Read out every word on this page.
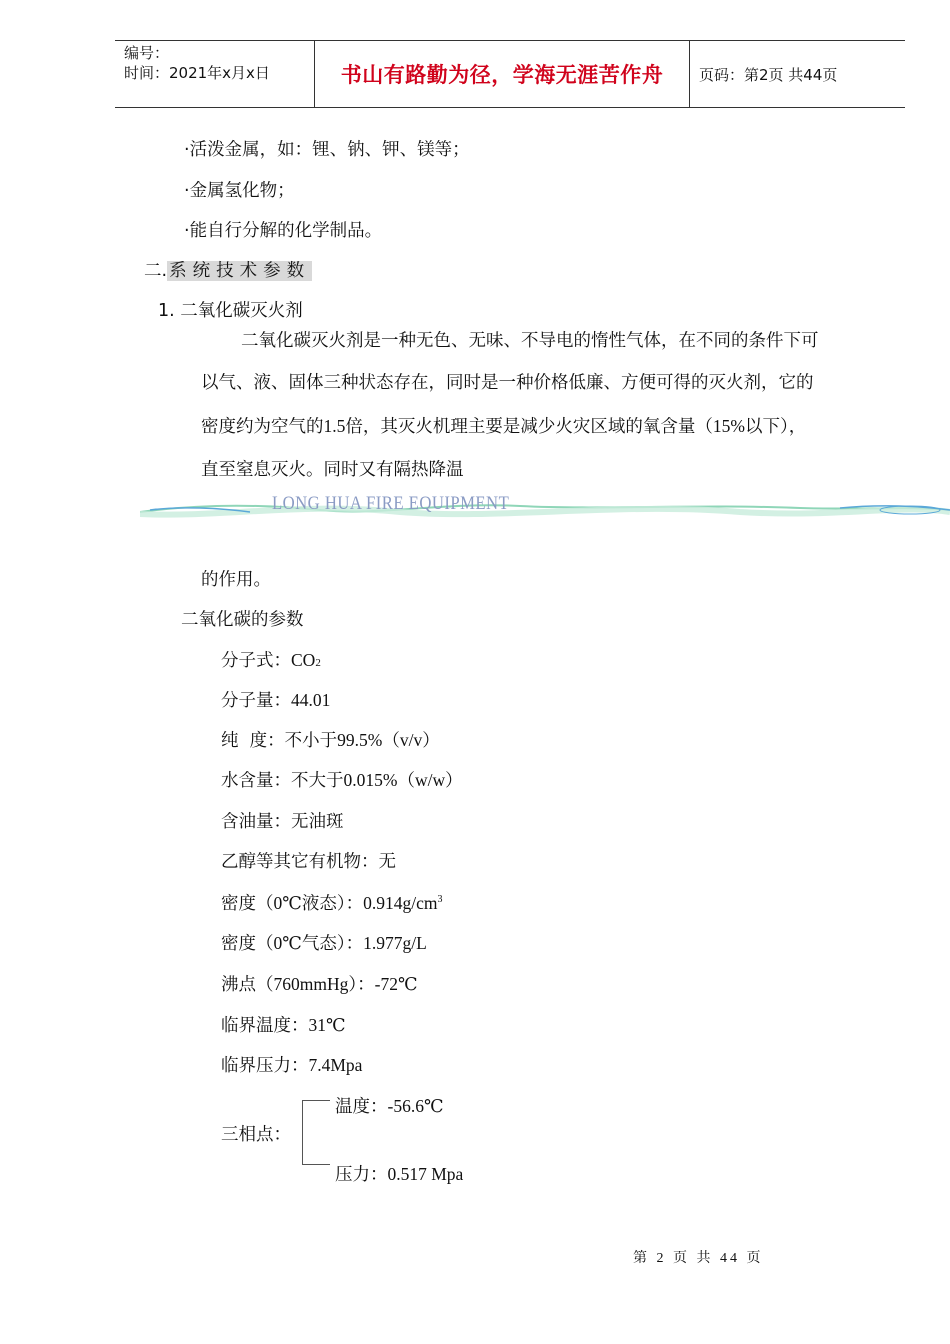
编号：
时间：2021年x月x日	书山有路勤为径，学海无涯苦作舟 页码：第2页 共44页
·活泼金属，如：锂、钠、钾、镁等；
·金属氢化物；
·能自行分解的化学制品。
二. 系统技术参数
1. 二氧化碳灭火剂
二氧化碳灭火剂是一种无色、无味、不导电的惰性气体，在不同的条件下可
以气、液、固体三种状态存在，同时是一种价格低廉、方便可得的灭火剂，它的
密度约为空气的1.5倍，其灭火机理主要是减少火灾区域的氧含量（15%以下），
直至窒息灭火。同时又有隔热降温
LONG HUA FIRE EQUIPMENT
的作用。
二氧化碳的参数
分子式：CO2
分子量：44.01
纯  度：不小于99.5%（v/v）
水含量：不大于0.015%（w/w）
含油量：无油斑
乙醇等其它有机物：无
密度（0℃液态）：$0.914g/cm^3$
密度（0℃气态）：1.977g/L
沸点（760mmHg）：-72℃
临界温度：31℃
临界压力：7.4Mpa
三相点：
温度：-56.6℃
压力：0.517 Mpa
第 2 页 共 44 页
